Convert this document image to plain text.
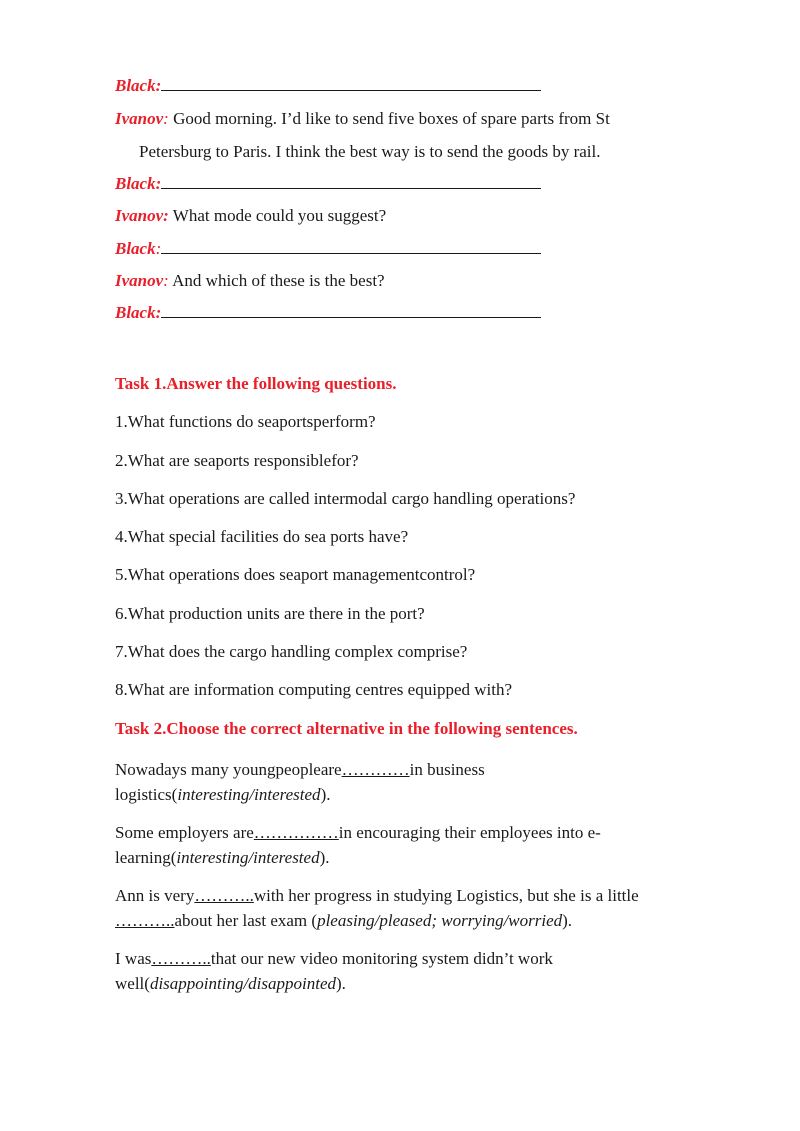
Black:
Ivanov: Good morning. I’d like to send five boxes of spare parts from St
Petersburg to Paris. I think the best way is to send the goods by rail.
Black:
Ivanov: What mode could you suggest?
Black:
Ivanov: And which of these is the best?
Black:
Task 1.Answer the following questions.
1.What functions do seaportsperform?
2.What are seaports responsiblefor?
3.What operations are called intermodal cargo handling operations?
4.What special facilities do sea ports have?
5.What operations does seaport managementcontrol?
6.What production units are there in the port?
7.What does the cargo handling complex comprise?
8.What are information computing centres equipped with?
Task 2.Choose the correct alternative in the following sentences.
Nowadays many youngpeopleare…………in business
logistics(interesting/interested).
Some employers are……………in encouraging their employees into e-
learning(interesting/interested).
Ann is very………..with her progress in studying Logistics, but she is a little
………..about her last exam (pleasing/pleased; worrying/worried).
I was………..that our new video monitoring system didn’t work
well(disappointing/disappointed).
